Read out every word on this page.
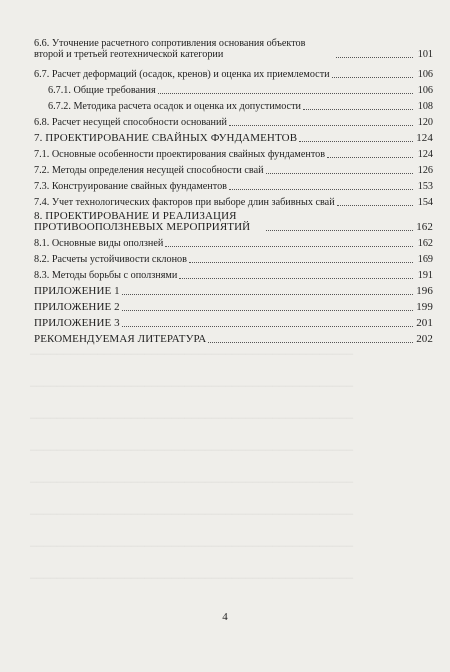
────────────────────────────────────────────────
────────────────────────────────────────────────
────────────────────────────────────────────────
────────────────────────────────────────────────
────────────────────────────────────────────────
────────────────────────────────────────────────
────────────────────────────────────────────────
────────────────────────────────────────────────
6.6. Уточнение расчетного сопротивления основания объектов второй и третьей геотехнической категории	101
6.7. Расчет деформаций (осадок, кренов) и оценка их приемлемости	106
6.7.1. Общие требования	106
6.7.2. Методика расчета осадок и оценка их допустимости	108
6.8. Расчет несущей способности оснований	120
7. ПРОЕКТИРОВАНИЕ СВАЙНЫХ ФУНДАМЕНТОВ	124
7.1. Основные особенности проектирования свайных фундаментов	124
7.2. Методы определения несущей способности свай	126
7.3. Конструирование свайных фундаментов	153
7.4. Учет технологических факторов при выборе длин забивных свай	154
8. ПРОЕКТИРОВАНИЕ И РЕАЛИЗАЦИЯ ПРОТИВООПОЛЗНЕВЫХ МЕРОПРИЯТИЙ	162
8.1. Основные виды оползней	162
8.2. Расчеты устойчивости склонов	169
8.3. Методы борьбы с оползнями	191
ПРИЛОЖЕНИЕ 1	196
ПРИЛОЖЕНИЕ 2	199
ПРИЛОЖЕНИЕ 3	201
РЕКОМЕНДУЕМАЯ ЛИТЕРАТУРА	202
4
